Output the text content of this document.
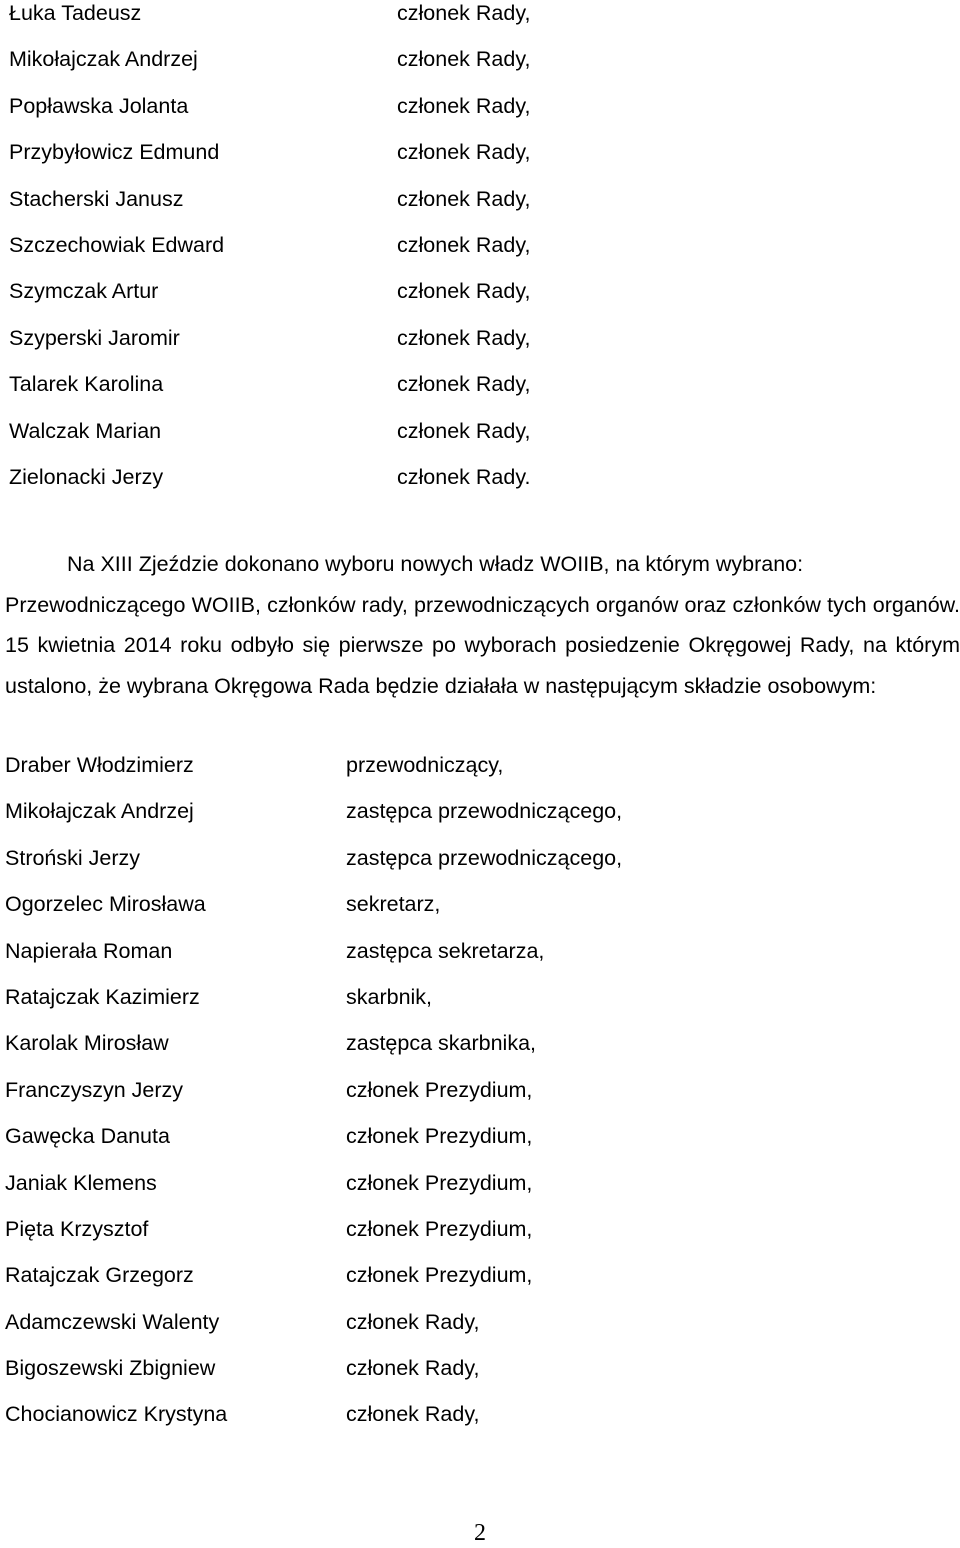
Łuka Tadeusz	członek Rady,
Mikołajczak Andrzej	członek Rady,
Popławska Jolanta	członek Rady,
Przybyłowicz Edmund	członek Rady,
Stacherski Janusz	członek Rady,
Szczechowiak Edward	członek Rady,
Szymczak Artur	członek Rady,
Szyperski Jaromir	członek Rady,
Talarek Karolina	członek Rady,
Walczak Marian	członek Rady,
Zielonacki Jerzy	członek Rady.
Na XIII Zjeździe dokonano wyboru nowych władz WOIIB, na którym wybrano:
Przewodniczącego WOIIB, członków rady, przewodniczących organów oraz członków tych organów. 15 kwietnia 2014 roku odbyło się pierwsze po wyborach posiedzenie Okręgowej Rady, na którym ustalono, że wybrana Okręgowa Rada będzie działała w następującym składzie osobowym:
Draber Włodzimierz	przewodniczący,
Mikołajczak Andrzej	zastępca przewodniczącego,
Stroński Jerzy	zastępca przewodniczącego,
Ogorzelec Mirosława	sekretarz,
Napierała Roman	zastępca sekretarza,
Ratajczak Kazimierz	skarbnik,
Karolak Mirosław	zastępca skarbnika,
Franczyszyn Jerzy	członek Prezydium,
Gawęcka Danuta	członek Prezydium,
Janiak Klemens	członek Prezydium,
Pięta Krzysztof	członek Prezydium,
Ratajczak Grzegorz	członek Prezydium,
Adamczewski Walenty	członek Rady,
Bigoszewski Zbigniew	członek Rady,
Chocianowicz Krystyna	członek Rady,
2
